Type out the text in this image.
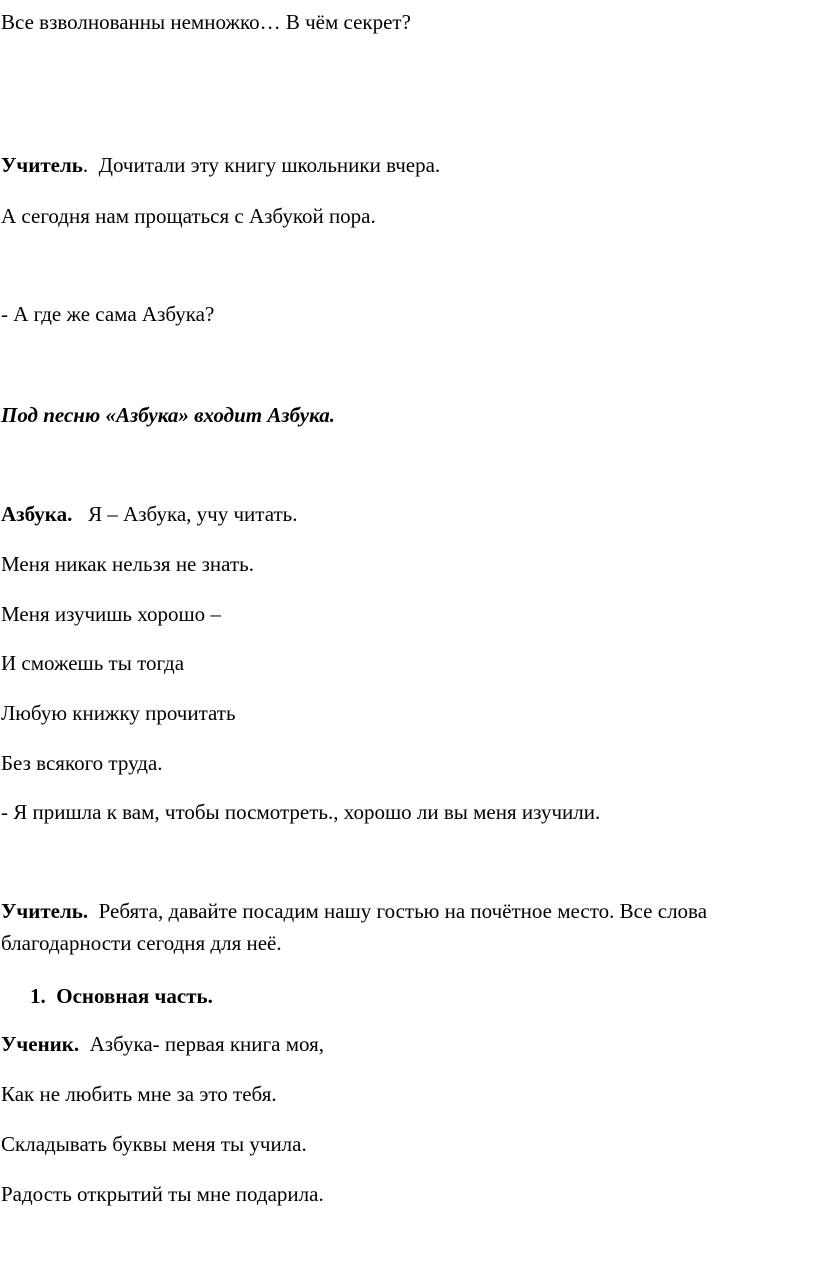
Все взволнованны немножко… В чём секрет?
Учитель. Дочитали эту книгу школьники вчера.
А сегодня нам прощаться с Азбукой пора.
- А где же сама Азбука?
Под песню «Азбука» входит Азбука.
Азбука. Я – Азбука, учу читать.
Меня никак нельзя не знать.
Меня изучишь хорошо –
И сможешь ты тогда
Любую книжку прочитать
Без всякого труда.
- Я пришла к вам, чтобы посмотреть., хорошо ли вы меня изучили.
Учитель. Ребята, давайте посадим нашу гостью на почётное место. Все слова благодарности сегодня для неё.
1. Основная часть.
Ученик. Азбука- первая книга моя,
Как не любить мне за это тебя.
Складывать буквы меня ты учила.
Радость открытий ты мне подарила.
